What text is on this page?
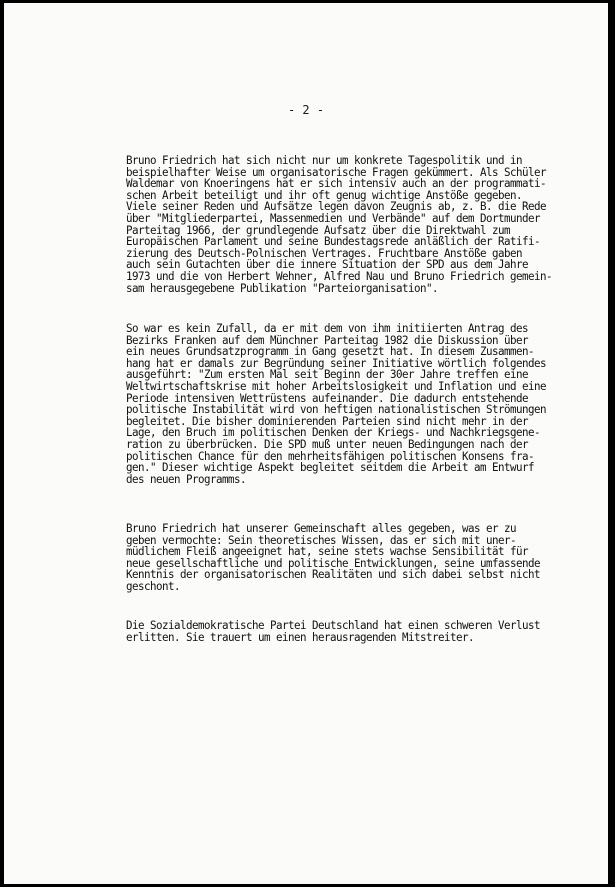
- 2 -

Bruno Friedrich hat sich nicht nur um konkrete Tagespolitik und in
beispielhafter Weise um organisatorische Fragen gekümmert. Als Schüler
Waldemar von Knoeringens hat er sich intensiv auch an der programmati-
schen Arbeit beteiligt und ihr oft genug wichtige Anstöße gegeben.
Viele seiner Reden und Aufsätze legen davon Zeugnis ab, z. B. die Rede
über "Mitgliederpartei, Massenmedien und Verbände" auf dem Dortmunder
Parteitag 1966, der grundlegende Aufsatz über die Direktwahl zum
Europäischen Parlament und seine Bundestagsrede anläßlich der Ratifi-
zierung des Deutsch-Polnischen Vertrages. Fruchtbare Anstöße gaben
auch sein Gutachten über die innere Situation der SPD aus dem Jahre
1973 und die von Herbert Wehner, Alfred Nau und Bruno Friedrich gemein-
sam herausgegebene Publikation "Parteiorganisation".

So war es kein Zufall, da er mit dem von ihm initiierten Antrag des
Bezirks Franken auf dem Münchner Parteitag 1982 die Diskussion über
ein neues Grundsatzprogramm in Gang gesetzt hat. In diesem Zusammen-
hang hat er damals zur Begründung seiner Initiative wörtlich folgendes
ausgeführt: "Zum ersten Mal seit Beginn der 30er Jahre treffen eine
Weltwirtschaftskrise mit hoher Arbeitslosigkeit und Inflation und eine
Periode intensiven Wettrüstens aufeinander. Die dadurch entstehende
politische Instabilität wird von heftigen nationalistischen Strömungen
begleitet. Die bisher dominierenden Parteien sind nicht mehr in der
Lage, den Bruch im politischen Denken der Kriegs- und Nachkriegsgene-
ration zu überbrücken. Die SPD muß unter neuen Bedingungen nach der
politischen Chance für den mehrheitsfähigen politischen Konsens fra-
gen." Dieser wichtige Aspekt begleitet seitdem die Arbeit am Entwurf
des neuen Programms.

Bruno Friedrich hat unserer Gemeinschaft alles gegeben, was er zu
geben vermochte: Sein theoretisches Wissen, das er sich mit uner-
müdlichem Fleiß angeeignet hat, seine stets wachse Sensibilität für
neue gesellschaftliche und politische Entwicklungen, seine umfassende
Kenntnis der organisatorischen Realitäten und sich dabei selbst nicht
geschont.

Die Sozialdemokratische Partei Deutschland hat einen schweren Verlust
erlitten. Sie trauert um einen herausragenden Mitstreiter.
